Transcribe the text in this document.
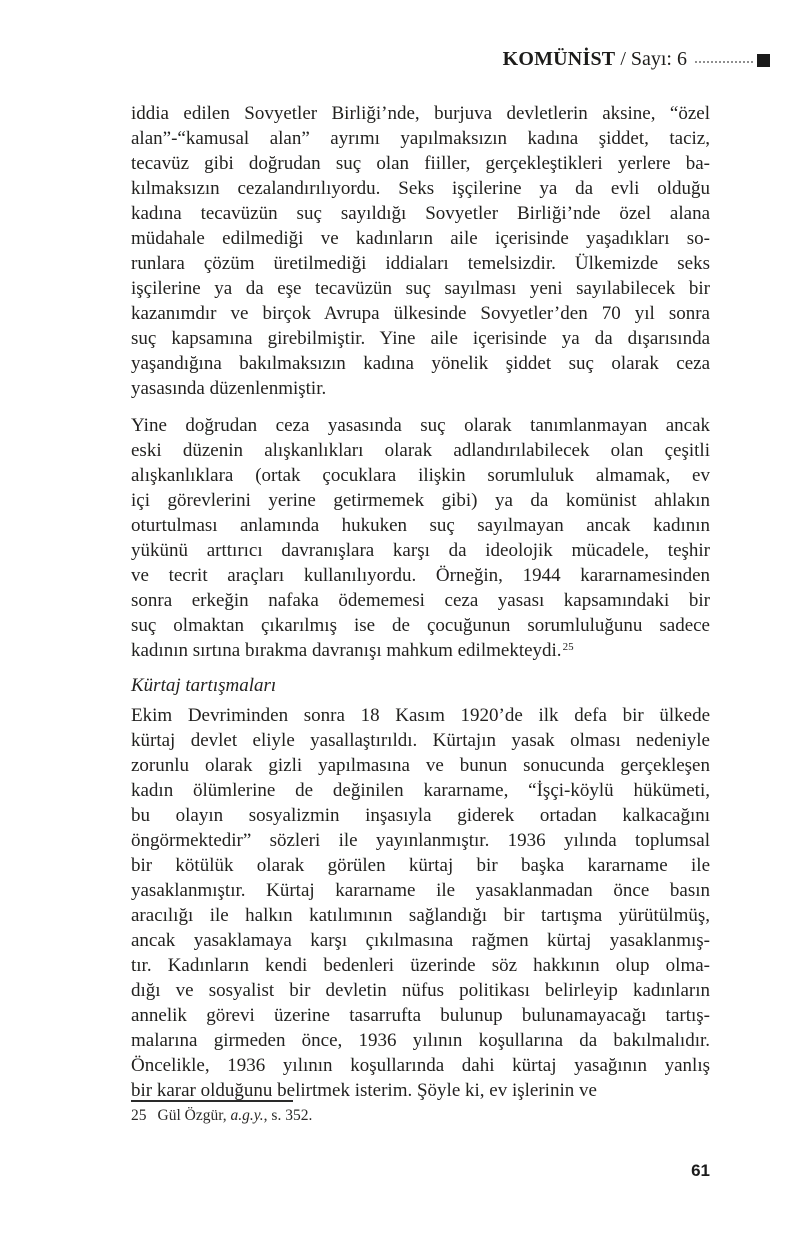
KOMÜNİST / Sayı: 6
iddia edilen Sovyetler Birliği’nde, burjuva devletlerin aksine, “özel
alan”-“kamusal alan” ayrımı yapılmaksızın kadına şiddet, taciz,
tecavüz gibi doğrudan suç olan fiiller, gerçekleştikleri yerlere ba-
kılmaksızın cezalandırılıyordu. Seks işçilerine ya da evli olduğu
kadına tecavüzün suç sayıldığı Sovyetler Birliği’nde özel alana
müdahale edilmediği ve kadınların aile içerisinde yaşadıkları so-
runlara çözüm üretilmediği iddiaları temelsizdir. Ülkemizde seks
işçilerine ya da eşe tecavüzün suç sayılması yeni sayılabilecek bir
kazanımdır ve birçok Avrupa ülkesinde Sovyetler’den 70 yıl sonra
suç kapsamına girebilmiştir. Yine aile içerisinde ya da dışarısında
yaşandığına bakılmaksızın kadına yönelik şiddet suç olarak ceza
yasasında düzenlenmiştir.
Yine doğrudan ceza yasasında suç olarak tanımlanmayan ancak
eski düzenin alışkanlıkları olarak adlandırılabilecek olan çeşitli
alışkanlıklara (ortak çocuklara ilişkin sorumluluk almamak, ev
içi görevlerini yerine getirmemek gibi) ya da komünist ahlakın
oturtulması anlamında hukuken suç sayılmayan ancak kadının
yükünü arttırıcı davranışlara karşı da ideolojik mücadele, teşhir
ve tecrit araçları kullanılıyordu. Örneğin, 1944 kararnamesinden
sonra erkeğin nafaka ödememesi ceza yasası kapsamındaki bir
suç olmaktan çıkarılmış ise de çocuğunun sorumluluğunu sadece
kadının sırtına bırakma davranışı mahkum edilmekteydi.$^{25}$
Kürtaj tartışmaları
Ekim Devriminden sonra 18 Kasım 1920’de ilk defa bir ülkede
kürtaj devlet eliyle yasallaştırıldı. Kürtajın yasak olması nedeniyle
zorunlu olarak gizli yapılmasına ve bunun sonucunda gerçekleşen
kadın ölümlerine de değinilen kararname, “İşçi-köylü hükümeti,
bu olayın sosyalizmin inşasıyla giderek ortadan kalkacağını
öngörmektedir” sözleri ile yayınlanmıştır. 1936 yılında toplumsal
bir kötülük olarak görülen kürtaj bir başka kararname ile
yasaklanmıştır. Kürtaj kararname ile yasaklanmadan önce basın
aracılığı ile halkın katılımının sağlandığı bir tartışma yürütülmüş,
ancak yasaklamaya karşı çıkılmasına rağmen kürtaj yasaklanmış-
tır. Kadınların kendi bedenleri üzerinde söz hakkının olup olma-
dığı ve sosyalist bir devletin nüfus politikası belirleyip kadınların
annelik görevi üzerine tasarrufta bulunup bulunamayacağı tartış-
malarına girmeden önce, 1936 yılının koşullarına da bakılmalıdır.
Öncelikle, 1936 yılının koşullarında dahi kürtaj yasağının yanlış
bir karar olduğunu belirtmek isterim. Şöyle ki, ev işlerinin ve
25 Gül Özgür, a.g.y., s. 352.
61
